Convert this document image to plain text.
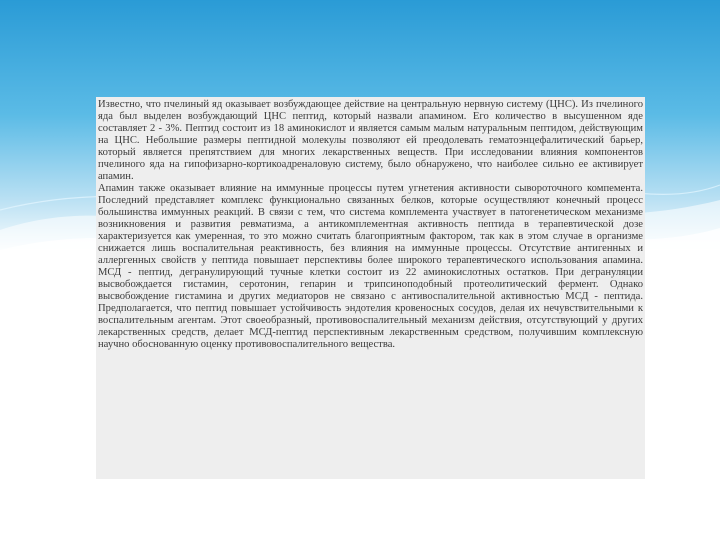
Известно, что пчелиный яд оказывает возбуждающее действие на центральную нервную систему (ЦНС). Из пчелиного яда был выделен возбуждающий ЦНС пептид, который назвали апамином. Его количество в высушенном яде составляет 2 - 3%. Пептид состоит из 18 аминокислот и является самым малым натуральным пептидом, действующим на ЦНС. Небольшие размеры пептидной молекулы позволяют ей преодолевать гематоэнцефалитический барьер, который является препятствием для многих лекарственных веществ. При исследовании влияния компонентов пчелиного яда на гипофизарно-кортикоадреналовую систему, было обнаружено, что наиболее сильно ее активирует апамин.

Апамин также оказывает влияние на иммунные процессы путем угнетения активности сывороточного компемента. Последний представляет комплекс функционально связанных белков, которые осуществляют конечный процесс большинства иммунных реакций. В связи с тем, что система комплемента участвует в патогенетическом механизме возникновения и развития ревматизма, а антикомплементная активность пептида в терапевтической дозе характеризуется как умеренная, то это можно считать благоприятным фактором, так как в этом случае в организме снижается лишь воспалительная реактивность, без влияния на иммунные процессы. Отсутствие антигенных и аллергенных свойств у пептида повышает перспективы более широкого терапевтического использования апамина.

МСД - пептид, дегранулирующий тучные клетки состоит из 22 аминокислотных остатков. При дегрануляции высвобождается гистамин, серотонин, гепарин и трипсиноподобный протеолитический фермент. Однако высвобождение гистамина и других медиаторов не связано с антивоспалительной активностью МСД - пептида. Предполагается, что пептид повышает устойчивость эндотелия кровеносных сосудов, делая их нечувствительными к воспалительным агентам. Этот своеобразный, противовоспалительный механизм действия, отсутствующий у других лекарственных средств, делает МСД-пептид перспективным лекарственным средством, получившим комплексную научно обоснованную оценку противовоспалительного вещества.
